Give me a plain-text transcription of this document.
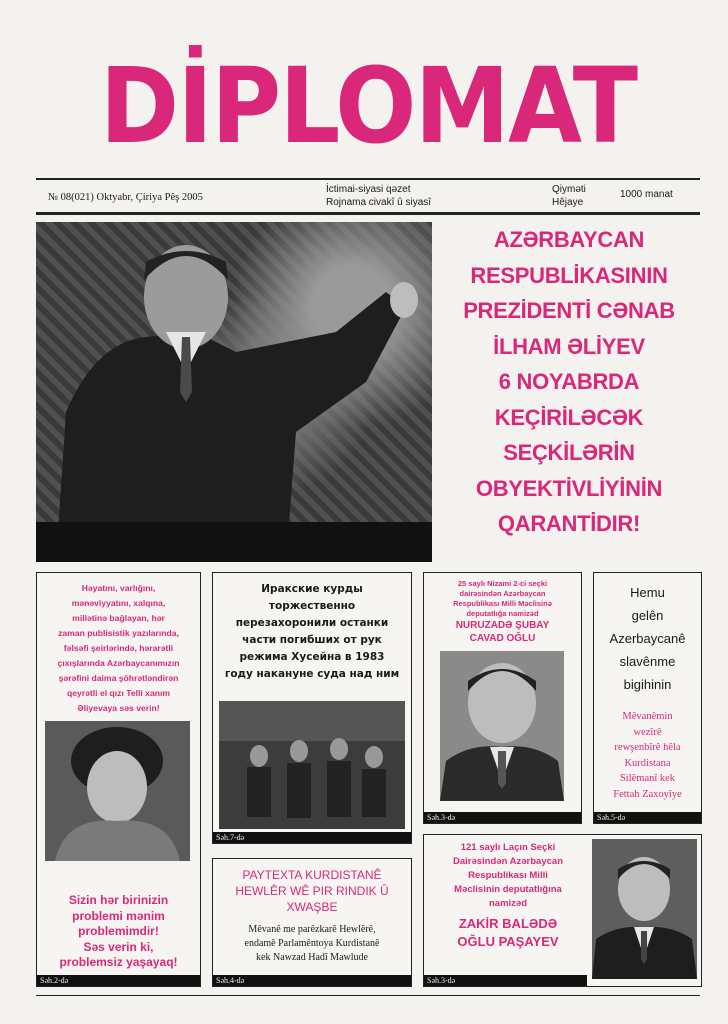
DİPLOMAT
№ 08(021) Oktyabr, Çiriya Pêş 2005
İctimai-siyasi qəzet
Rojnama civakî û siyasî
Qiyməti
Hêjaye
1000 manat
AZƏRBAYCAN
RESPUBLİKASININ
PREZİDENTİ CƏNAB
İLHAM ƏLİYEV
6 NOYABRDA
KEÇİRİLƏCƏK
SEÇKİLƏRİN
OBYEKTİVLİYİNİN
QARANTİDIR!
Həyatını, varlığını,
mənəviyyatını, xalqına,
millətinə bağlayan, hər
zaman publisistik yazılarında,
fəlsəfi şeirlərində, hərarətli
çıxışlarında Azərbaycanımızın
şərəfini daima şöhrətləndirən
qeyrətli el qızı Telli xanım
Əliyevaya səs verin!
Sizin hər birinizin
problemi mənim
problemimdir!
Səs verin ki,
problemsiz yaşayaq!
Səh.2-də
Иракские курды
торжественно
перезахоронили останки
части погибших от рук
режима Хусейна в 1983
году накануне суда над ним
Səh.7-də
PAYTEXTA KURDISTANÊ HEWLÊR WÊ PIR RINDIK Û XWAŞBE
Mêvanê me parêzkarê Hewlêrê,
endamê Parlamêntoya Kurdistanê
kek Nawzad Hadî Mawlude
Səh.4-də
25 saylı Nizami 2-ci seçki
dairəsindən Azərbaycan
Respublikası Milli Məclisinə
deputatlığa namizəd
NURUZADƏ ŞUBAY
CAVAD OĞLU
Səh.3-də
Hemu
gelên
Azerbaycanê
slavênme
bigihinin
Mêvanêmin
wezîrê
rewşenbîrê hêla
Kurdistana
Silêmanî kek
Fettah Zaxoyîye
Səh.5-də
121 saylı Laçın Seçki
Dairəsindən Azərbaycan
Respublikası Milli
Məclisinin deputatlığına
namizəd
ZAKİR BALƏDƏ
OĞLU PAŞAYEV
Səh.3-də
